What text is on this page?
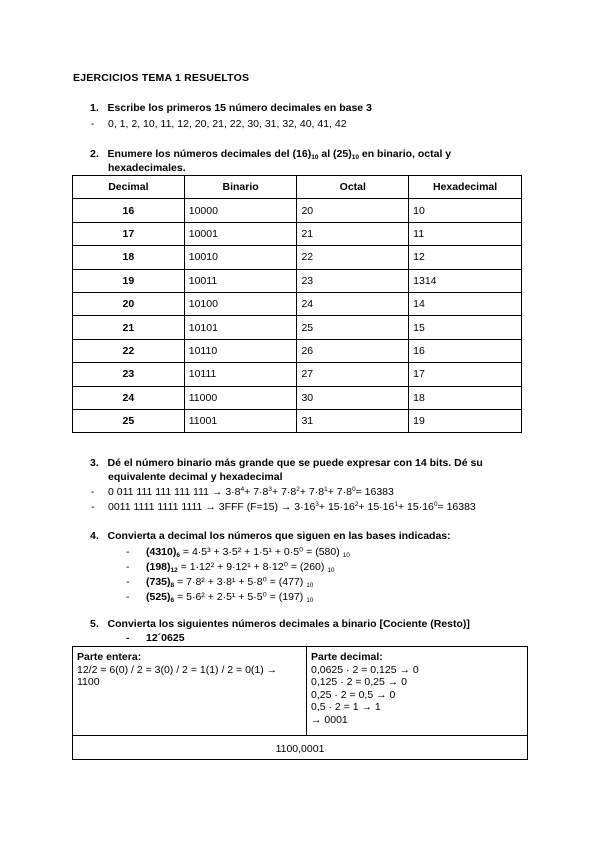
EJERCICIOS TEMA 1 RESUELTOS
1. Escribe los primeros 15 número decimales en base 3
- 0, 1, 2, 10, 11, 12, 20, 21, 22, 30, 31, 32, 40, 41, 42
2. Enumere los números decimales del $(16)_{10}$ al $(25)_{10}$ en binario, octal y
hexadecimales.
Decimal	Binario	Octal	Hexadecimal
16	10000	20	10
17	10001	21	11
18	10010	22	12
19	10011	23	1314
20	10100	24	14
21	10101	25	15
22	10110	26	16
23	10111	27	17
24	11000	30	18
25	11001	31	19
3. Dé el número binario más grande que se puede expresar con 14 bits. Dé su
equivalente decimal y hexadecimal
- 0 011 111 111 111 $111 \to 3\cdot 8^4+ 7\cdot 8^3+ 7\cdot 8^2+ 7\cdot 8^1+ 7\cdot 8^0= 16383$
- 0011 1111 1111 1111 → 3FFF $(F=15) \to 3\cdot 16^3+ 15\cdot 16^2+ 15\cdot 16^1+ 15\cdot 16^0= 16383$
4. Convierta a decimal los números que siguen en las bases indicadas:
- $(4310)_6 = 4\cdot 5^3 + 3\cdot 5^2 + 1\cdot 5^1 + 0\cdot 5^0 = (580)$ $_{10}$
- $(198)_{12} = 1\cdot 12^2 + 9\cdot 12^1 + 8\cdot 12^0 = (260)$ $_{10}$
- $(735)_8 = 7\cdot 8^2 + 3\cdot 8^1 + 5\cdot 8^0 = (477)$ $_{10}$
- $(525)_6 = 5\cdot 6^2 + 2\cdot 5^1 + 5\cdot 5^0 = (197)$ $_{10}$
5. Convierta los siguientes números decimales a binario [Cociente (Resto)]
- 12´0625
Parte entera:
12/2 = 6(0) / 2 = 3(0) / 2 = 1(1) / 2 = 0(1) →
1100
Parte decimal:
0,0625 · 2 = 0,125 → 0
0,125 · 2 = 0,25 → 0
0,25 · 2 = 0,5 → 0
0,5 · 2 = 1 → 1
→ 0001
1100,0001
